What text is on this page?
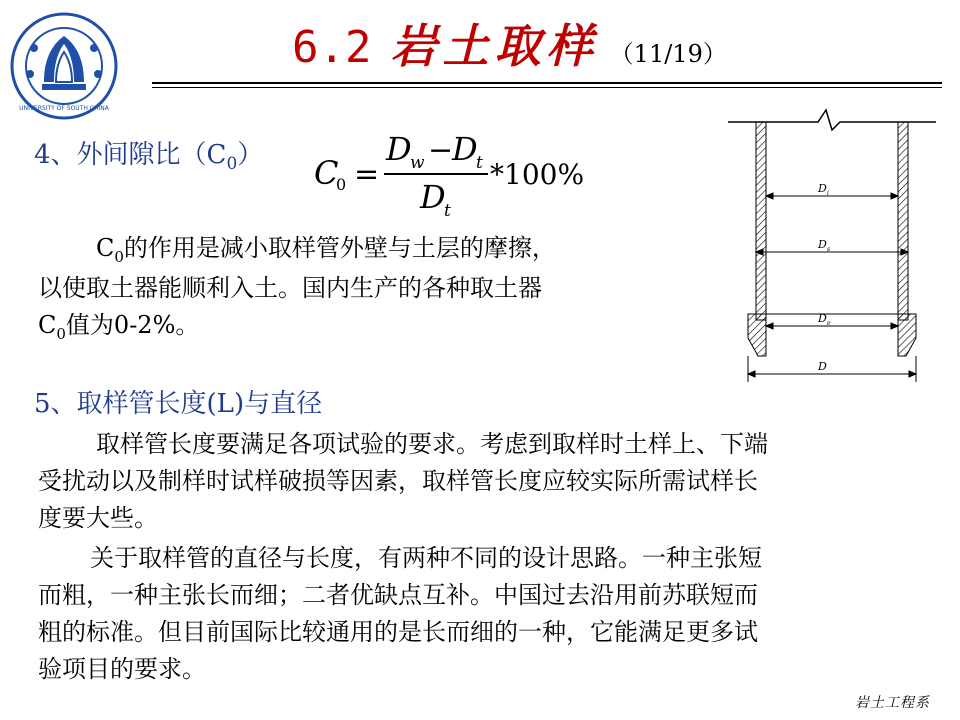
UNIVERSITY OF SOUTH CHINA
6.2 岩土取样 （11/19）
4、外间隙比$(C_0)$ C
0 =
D
w −
D
t
D
t
*100%
$C_0$的作用是减小取样管外壁与土层的摩擦，
以使取土器能顺利入土。国内生产的各种取土器
$C_0$值为0-2%。
D i
D s
D e
D
5、取样管长度(L)与直径
取样管长度要满足各项试验的要求。考虑到取样时土样上、下端
受扰动以及制样时试样破损等因素，取样管长度应较实际所需试样长
度要大些。
关于取样管的直径与长度，有两种不同的设计思路。一种主张短
而粗，一种主张长而细；二者优缺点互补。中国过去沿用前苏联短而
粗的标准。但目前国际比较通用的是长而细的一种，它能满足更多试
验项目的要求。
岩土工程系
